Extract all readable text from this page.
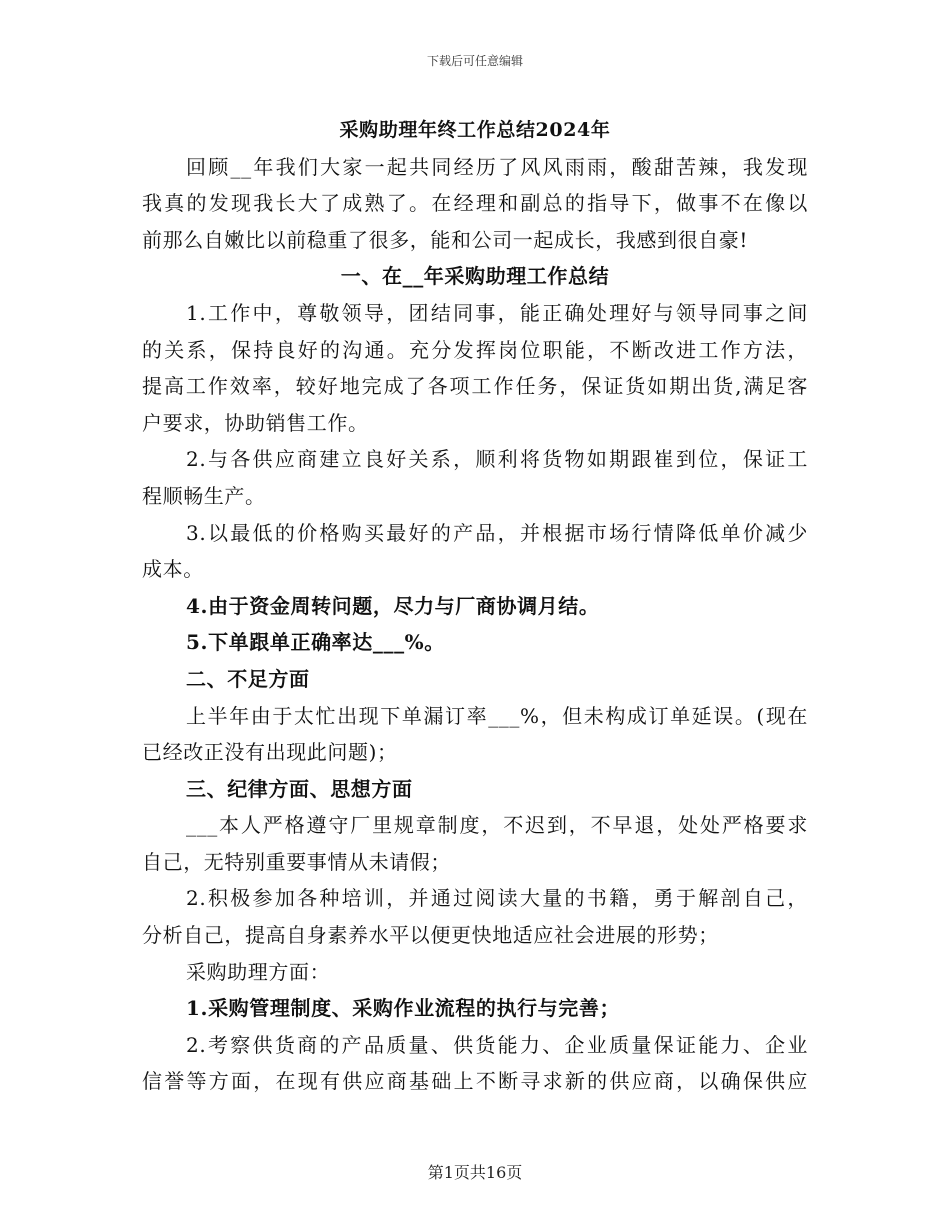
下载后可任意编辑
采购助理年终工作总结2024年
回顾__年我们大家一起共同经历了风风雨雨，酸甜苦辣，我发现
我真的发现我长大了成熟了。在经理和副总的指导下，做事不在像以
前那么自嫩比以前稳重了很多，能和公司一起成长，我感到很自豪!
一、在__年采购助理工作总结
1.工作中，尊敬领导，团结同事，能正确处理好与领导同事之间
的关系，保持良好的沟通。充分发挥岗位职能，不断改进工作方法，
提高工作效率，较好地完成了各项工作任务，保证货如期出货,满足客
户要求，协助销售工作。
2.与各供应商建立良好关系，顺利将货物如期跟崔到位，保证工
程顺畅生产。
3.以最低的价格购买最好的产品，并根据市场行情降低单价减少
成本。
4.由于资金周转问题，尽力与厂商协调月结。
5.下单跟单正确率达___%。
二、不足方面
上半年由于太忙出现下单漏订率___%，但未构成订单延误。(现在
已经改正没有出现此问题)；
三、纪律方面、思想方面
___本人严格遵守厂里规章制度，不迟到，不早退，处处严格要求
自己，无特别重要事情从未请假；
2.积极参加各种培训，并通过阅读大量的书籍，勇于解剖自己，
分析自己，提高自身素养水平以便更快地适应社会进展的形势；
采购助理方面：
1.采购管理制度、采购作业流程的执行与完善；
2.考察供货商的产品质量、供货能力、企业质量保证能力、企业
信誉等方面，在现有供应商基础上不断寻求新的供应商，以确保供应
第1页共16页
